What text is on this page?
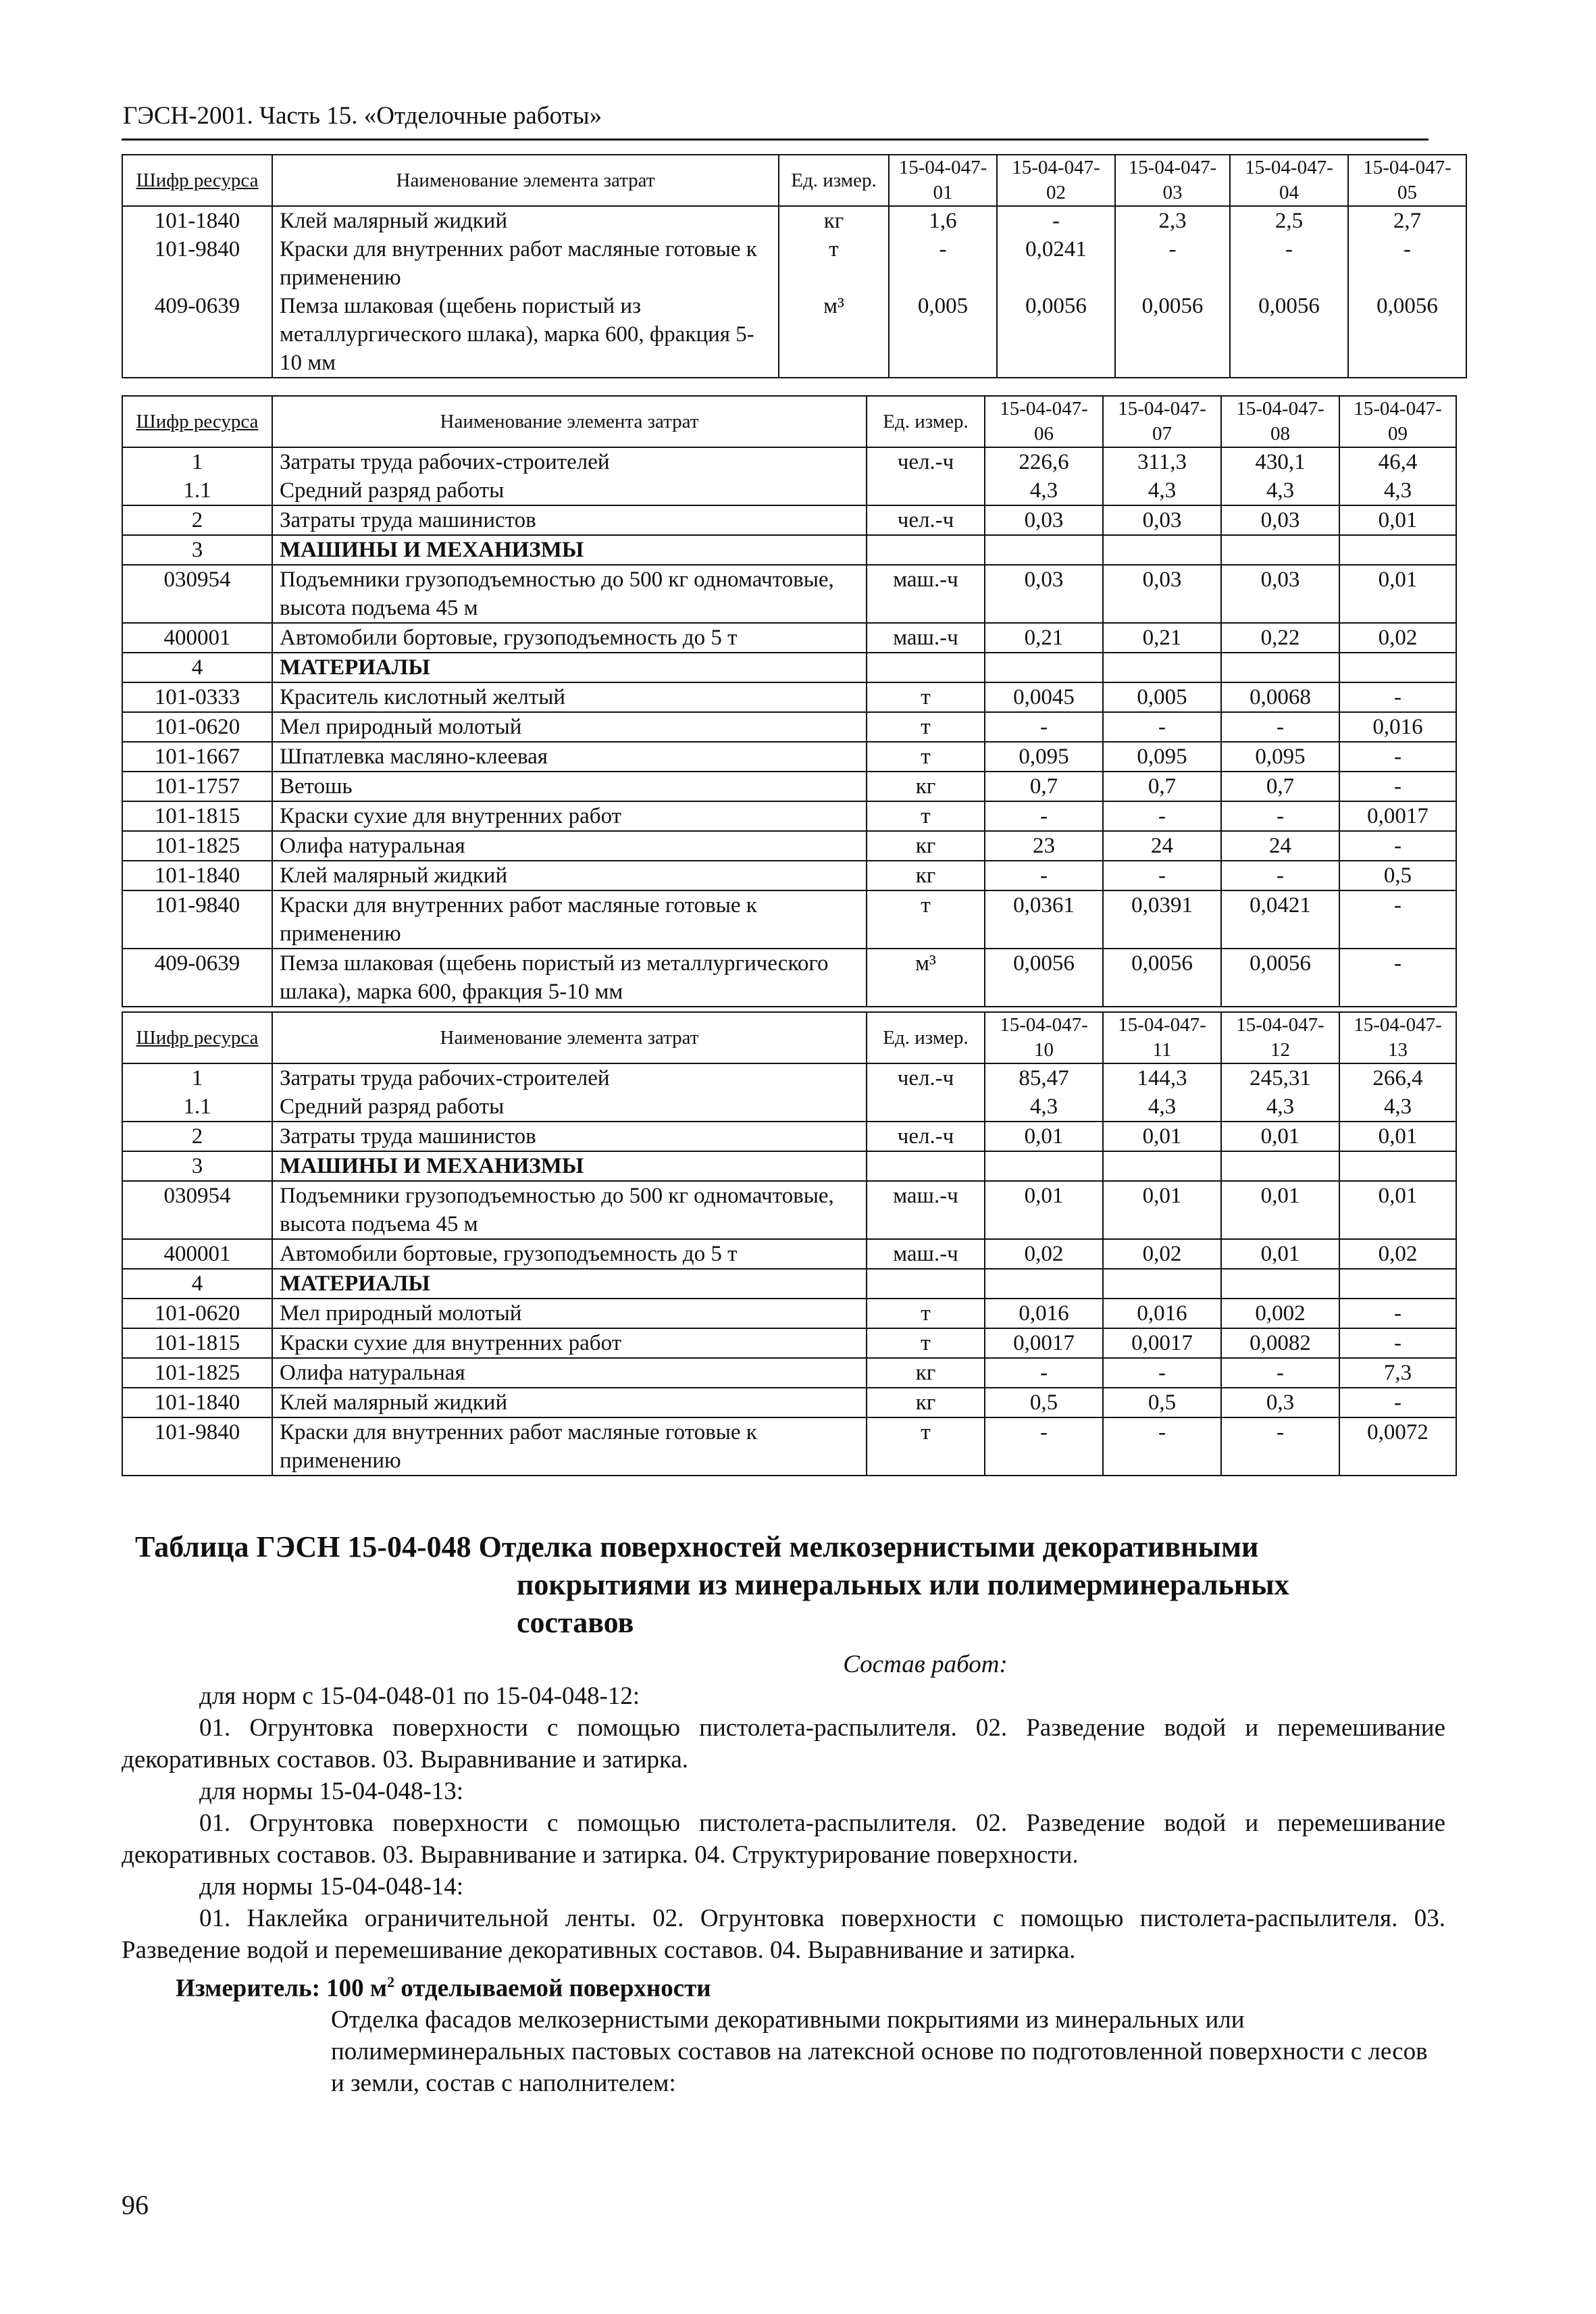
ГЭСН-2001. Часть 15. «Отделочные работы»
Шифр ресурса	Наименование элемента затрат	Ед. измер.	15-04-047-01	15-04-047-02	15-04-047-03	15-04-047-04	15-04-047-05
101-1840	Клей малярный жидкий	кг	1,6	-	2,3	2,5	2,7
101-9840	Краски для внутренних работ масляные готовые к применению	т	-	0,0241	-	-	-
409-0639	Пемза шлаковая (щебень пористый из металлургического шлака), марка 600, фракция 5-10 мм	м³	0,005	0,0056	0,0056	0,0056	0,0056
Шифр ресурса	Наименование элемента затрат	Ед. измер.	15-04-047-06	15-04-047-07	15-04-047-08	15-04-047-09
1	Затраты труда рабочих-строителей	чел.-ч	226,6	311,3	430,1	46,4
1.1	Средний разряд работы		4,3	4,3	4,3	4,3
2	Затраты труда машинистов	чел.-ч	0,03	0,03	0,03	0,01
3	МАШИНЫ И МЕХАНИЗМЫ					
030954	Подъемники грузоподъемностью до 500 кг одномачтовые, высота подъема 45 м	маш.-ч	0,03	0,03	0,03	0,01
400001	Автомобили бортовые, грузоподъемность до 5 т	маш.-ч	0,21	0,21	0,22	0,02
4	МАТЕРИАЛЫ					
101-0333	Краситель кислотный желтый	т	0,0045	0,005	0,0068	-
101-0620	Мел природный молотый	т	-	-	-	0,016
101-1667	Шпатлевка масляно-клеевая	т	0,095	0,095	0,095	-
101-1757	Ветошь	кг	0,7	0,7	0,7	-
101-1815	Краски сухие для внутренних работ	т	-	-	-	0,0017
101-1825	Олифа натуральная	кг	23	24	24	-
101-1840	Клей малярный жидкий	кг	-	-	-	0,5
101-9840	Краски для внутренних работ масляные готовые к применению	т	0,0361	0,0391	0,0421	-
409-0639	Пемза шлаковая (щебень пористый из металлургического шлака), марка 600, фракция 5-10 мм	м³	0,0056	0,0056	0,0056	-
Шифр ресурса	Наименование элемента затрат	Ед. измер.	15-04-047-10	15-04-047-11	15-04-047-12	15-04-047-13
1	Затраты труда рабочих-строителей	чел.-ч	85,47	144,3	245,31	266,4
1.1	Средний разряд работы		4,3	4,3	4,3	4,3
2	Затраты труда машинистов	чел.-ч	0,01	0,01	0,01	0,01
3	МАШИНЫ И МЕХАНИЗМЫ					
030954	Подъемники грузоподъемностью до 500 кг одномачтовые, высота подъема 45 м	маш.-ч	0,01	0,01	0,01	0,01
400001	Автомобили бортовые, грузоподъемность до 5 т	маш.-ч	0,02	0,02	0,01	0,02
4	МАТЕРИАЛЫ					
101-0620	Мел природный молотый	т	0,016	0,016	0,002	-
101-1815	Краски сухие для внутренних работ	т	0,0017	0,0017	0,0082	-
101-1825	Олифа натуральная	кг	-	-	-	7,3
101-1840	Клей малярный жидкий	кг	0,5	0,5	0,3	-
101-9840	Краски для внутренних работ масляные готовые к применению	т	-	-	-	0,0072
Таблица ГЭСН 15-04-048 Отделка поверхностей мелкозернистыми декоративными
покрытиями из минеральных или полимерминеральных
составов

Состав работ:

для норм с 15-04-048-01 по 15-04-048-12:

01. Огрунтовка поверхности с помощью пистолета-распылителя. 02. Разведение водой и перемешивание декоративных составов. 03. Выравнивание и затирка.

для нормы 15-04-048-13:

01. Огрунтовка поверхности с помощью пистолета-распылителя. 02. Разведение водой и перемешивание декоративных составов. 03. Выравнивание и затирка. 04. Структурирование поверхности.

для нормы 15-04-048-14:

01. Наклейка ограничительной ленты. 02. Огрунтовка поверхности с помощью пистолета-распылителя. 03. Разведение водой и перемешивание декоративных составов. 04. Выравнивание и затирка.

Измеритель: 100 $м^2$ отделываемой поверхности

Отделка фасадов мелкозернистыми декоративными покрытиями из минеральных или полимерминеральных пастовых составов на латексной основе по подготовленной поверхности с лесов и земли, состав с наполнителем:

96
